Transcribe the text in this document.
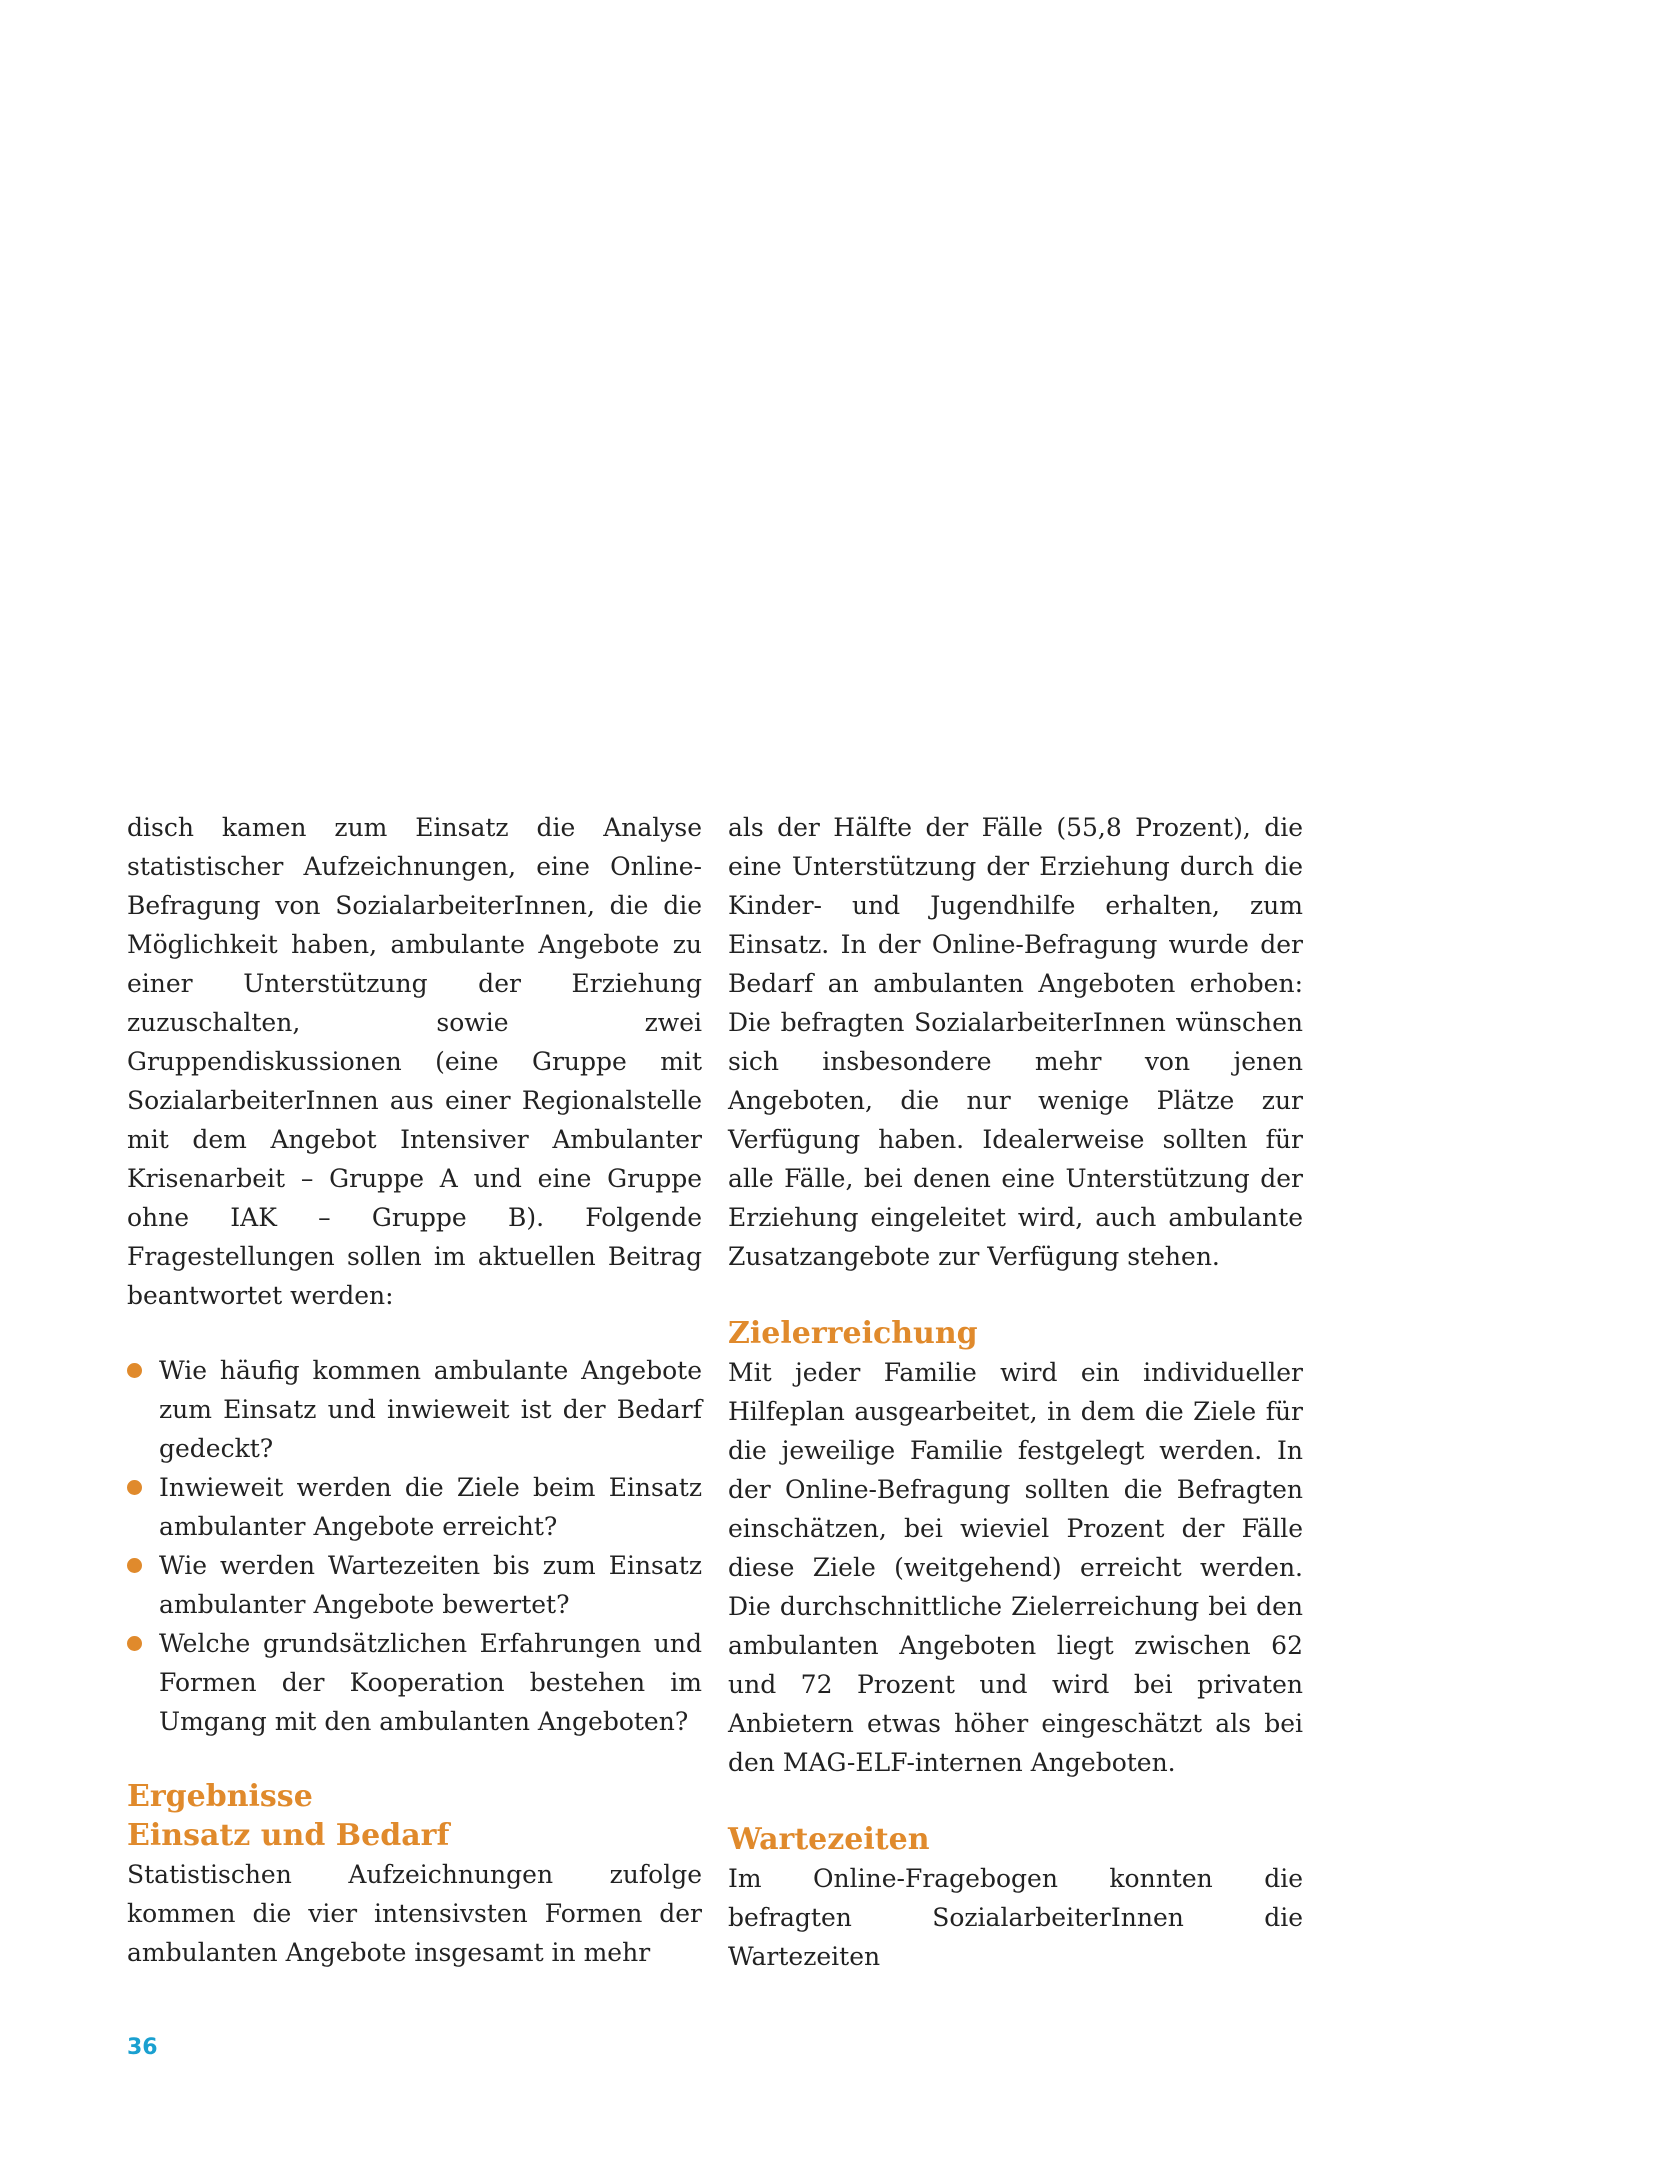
disch kamen zum Einsatz die Analyse statistischer Aufzeichnungen, eine Online-Befragung von SozialarbeiterInnen, die die Möglichkeit haben, ambulante Angebote zu einer Unterstützung der Erziehung zuzuschalten, sowie zwei Gruppendiskussionen (eine Gruppe mit SozialarbeiterInnen aus einer Regionalstelle mit dem Angebot Intensiver Ambulanter Krisenarbeit – Gruppe A und eine Gruppe ohne IAK – Gruppe B). Folgende Fragestellungen sollen im aktuellen Beitrag beantwortet werden:

Wie häufig kommen ambulante Angebote zum Einsatz und inwieweit ist der Bedarf gedeckt?
Inwieweit werden die Ziele beim Einsatz ambulanter Angebote erreicht?
Wie werden Wartezeiten bis zum Einsatz ambulanter Angebote bewertet?
Welche grundsätzlichen Erfahrungen und Formen der Kooperation bestehen im Umgang mit den ambulanten Angeboten?
Ergebnisse
Einsatz und Bedarf

Statistischen Aufzeichnungen zufolge kommen die vier intensivsten Formen der ambulanten Angebote insgesamt in mehr

als der Hälfte der Fälle (55,8 Prozent), die eine Unterstützung der Erziehung durch die Kinder- und Jugendhilfe erhalten, zum Einsatz. In der Online-Befragung wurde der Bedarf an ambulanten Angeboten erhoben: Die befragten SozialarbeiterInnen wünschen sich insbesondere mehr von jenen Angeboten, die nur wenige Plätze zur Verfügung haben. Idealerweise sollten für alle Fälle, bei denen eine Unterstützung der Erziehung eingeleitet wird, auch ambulante Zusatzangebote zur Verfügung stehen.

Zielerreichung

Mit jeder Familie wird ein individueller Hilfeplan ausgearbeitet, in dem die Ziele für die jeweilige Familie festgelegt werden. In der Online-Befragung sollten die Befragten einschätzen, bei wieviel Prozent der Fälle diese Ziele (weitgehend) erreicht werden. Die durchschnittliche Zielerreichung bei den ambulanten Angeboten liegt zwischen 62 und 72 Prozent und wird bei privaten Anbietern etwas höher eingeschätzt als bei den MAG-ELF-internen Angeboten.

Wartezeiten

Im Online-Fragebogen konnten die befragten SozialarbeiterInnen die Wartezeiten

36
